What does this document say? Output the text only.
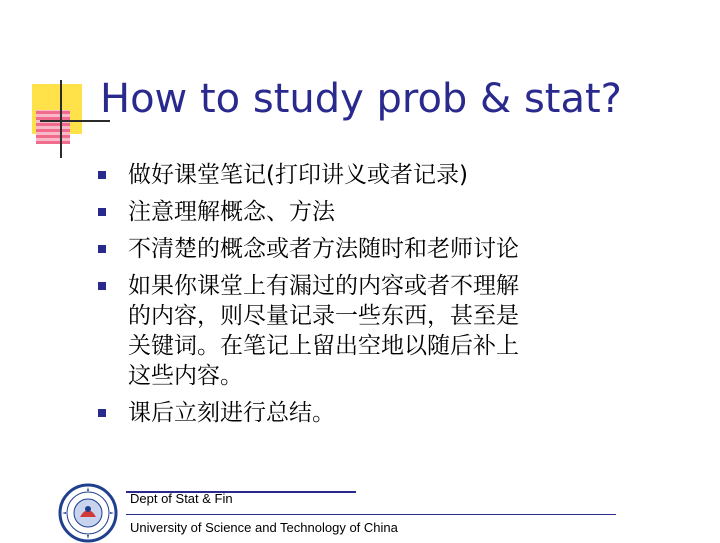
How to study prob & stat?
做好课堂笔记(打印讲义或者记录)
注意理解概念、方法
不清楚的概念或者方法随时和老师讨论
如果你课堂上有漏过的内容或者不理解
的内容，则尽量记录一些东西，甚至是
关键词。在笔记上留出空地以随后补上
这些内容。
课后立刻进行总结。
Dept of Stat & Fin
University of Science and Technology of China
